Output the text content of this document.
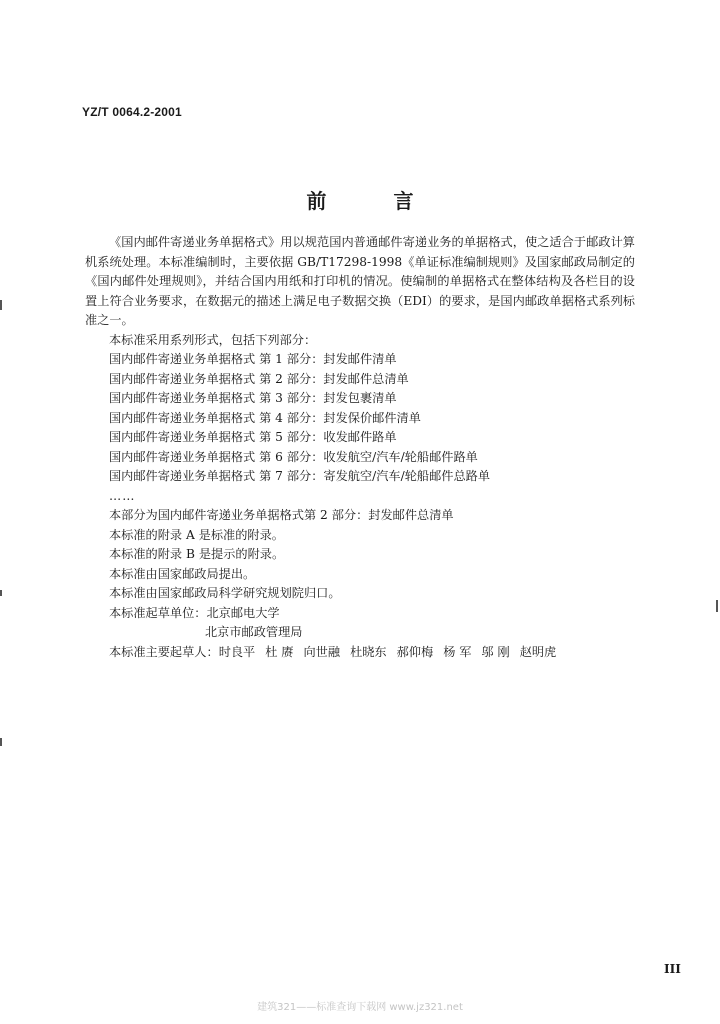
YZ/T 0064.2-2001
前 言

《国内邮件寄递业务单据格式》用以规范国内普通邮件寄递业务的单据格式，使之适合于邮政计算机系统处理。本标准编制时，主要依据 GB/T17298-1998《单证标准编制规则》及国家邮政局制定的《国内邮件处理规则》，并结合国内用纸和打印机的情况。使编制的单据格式在整体结构及各栏目的设置上符合业务要求，在数据元的描述上满足电子数据交换（EDI）的要求，是国内邮政单据格式系列标准之一。

本标准采用系列形式，包括下列部分：

国内邮件寄递业务单据格式 第 1 部分：封发邮件清单

国内邮件寄递业务单据格式 第 2 部分：封发邮件总清单

国内邮件寄递业务单据格式 第 3 部分：封发包裹清单

国内邮件寄递业务单据格式 第 4 部分：封发保价邮件清单

国内邮件寄递业务单据格式 第 5 部分：收发邮件路单

国内邮件寄递业务单据格式 第 6 部分：收发航空/汽车/轮船邮件路单

国内邮件寄递业务单据格式 第 7 部分：寄发航空/汽车/轮船邮件总路单

……

本部分为国内邮件寄递业务单据格式第 2 部分：封发邮件总清单

本标准的附录 A 是标准的附录。

本标准的附录 B 是提示的附录。

本标准由国家邮政局提出。

本标准由国家邮政局科学研究规划院归口。

本标准起草单位：北京邮电大学
北京市邮政管理局

本标准主要起草人：时良平 杜 赓 向世融 杜晓东 郝仰梅 杨 军 邬 刚 赵明虎

III
建筑321——标准查询下载网 www.jz321.net
